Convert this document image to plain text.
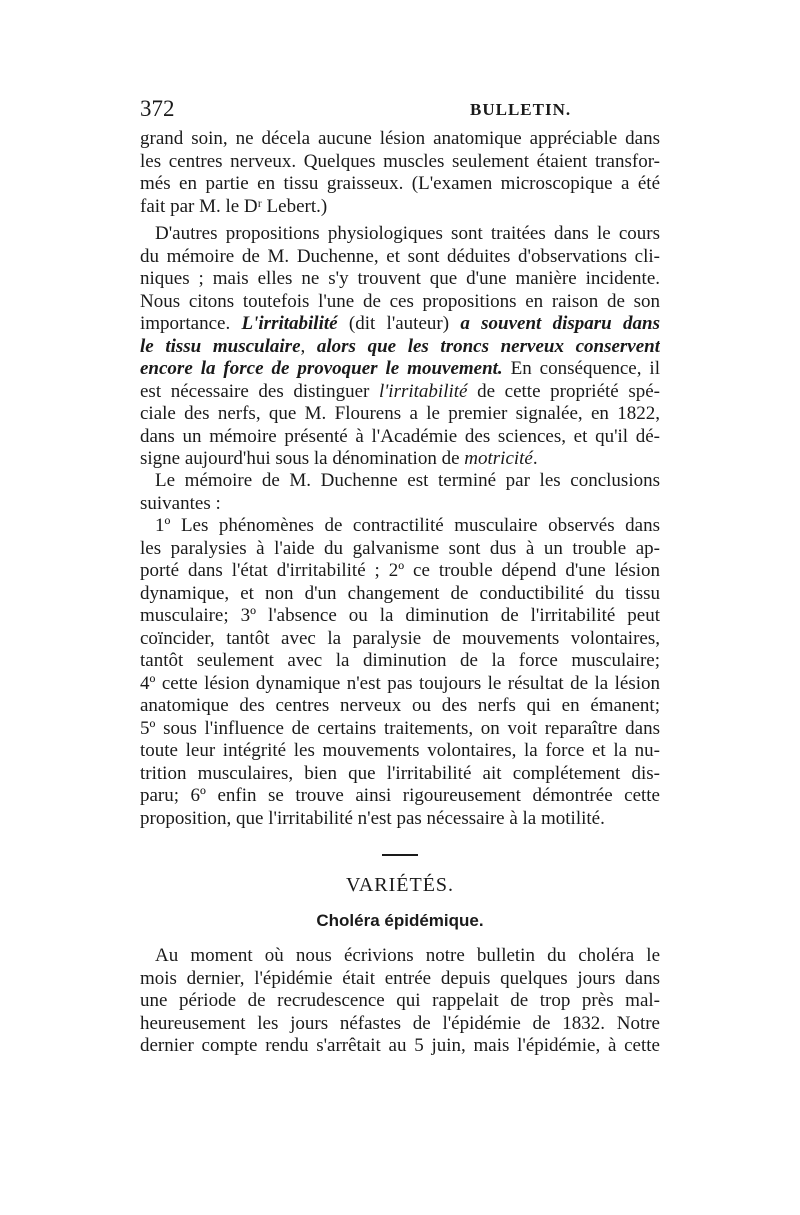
372	BULLETIN.
grand soin, ne décela aucune lésion anatomique appréciable dans
les centres nerveux. Quelques muscles seulement étaient transfor-
més en partie en tissu graisseux. (L'examen microscopique a été
fait par M. le Dʳ Lebert.)
D'autres propositions physiologiques sont traitées dans le cours
du mémoire de M. Duchenne, et sont déduites d'observations cli-
niques ; mais elles ne s'y trouvent que d'une manière incidente.
Nous citons toutefois l'une de ces propositions en raison de son
importance. L'irritabilité (dit l'auteur) a souvent disparu dans
le tissu musculaire, alors que les troncs nerveux conservent
encore la force de provoquer le mouvement. En conséquence, il
est nécessaire des distinguer l'irritabilité de cette propriété spé-
ciale des nerfs, que M. Flourens a le premier signalée, en 1822,
dans un mémoire présenté à l'Académie des sciences, et qu'il dé-
signe aujourd'hui sous la dénomination de motricité.
Le mémoire de M. Duchenne est terminé par les conclusions
suivantes :
1º Les phénomènes de contractilité musculaire observés dans
les paralysies à l'aide du galvanisme sont dus à un trouble ap-
porté dans l'état d'irritabilité ; 2º ce trouble dépend d'une lésion
dynamique, et non d'un changement de conductibilité du tissu
musculaire; 3º l'absence ou la diminution de l'irritabilité peut
coïncider, tantôt avec la paralysie de mouvements volontaires,
tantôt seulement avec la diminution de la force musculaire;
4º cette lésion dynamique n'est pas toujours le résultat de la lésion
anatomique des centres nerveux ou des nerfs qui en émanent;
5º sous l'influence de certains traitements, on voit reparaître dans
toute leur intégrité les mouvements volontaires, la force et la nu-
trition musculaires, bien que l'irritabilité ait complétement dis-
paru; 6º enfin se trouve ainsi rigoureusement démontrée cette
proposition, que l'irritabilité n'est pas nécessaire à la motilité.
VARIÉTÉS.
Choléra épidémique.
Au moment où nous écrivions notre bulletin du choléra le
mois dernier, l'épidémie était entrée depuis quelques jours dans
une période de recrudescence qui rappelait de trop près mal-
heureusement les jours néfastes de l'épidémie de 1832. Notre
dernier compte rendu s'arrêtait au 5 juin, mais l'épidémie, à cette
